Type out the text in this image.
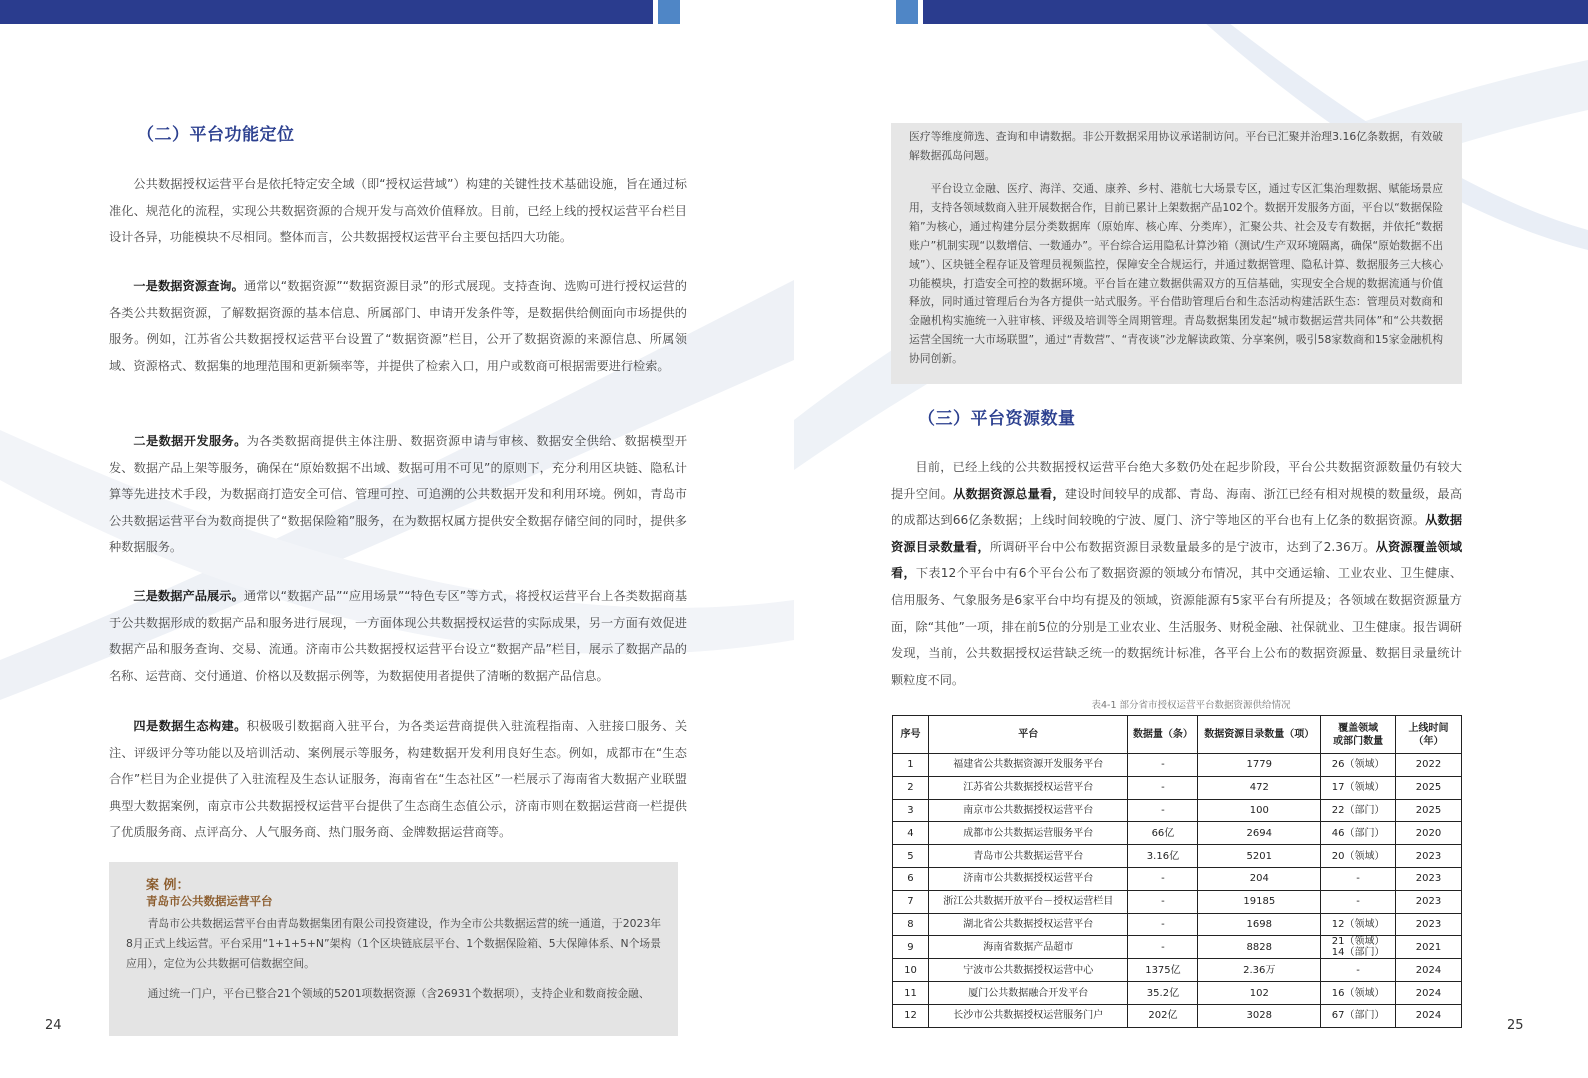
（二）平台功能定位

公共数据授权运营平台是依托特定安全域（即“授权运营域”）构建的关键性技术基础设施，旨在通过标准化、规范化的流程，实现公共数据资源的合规开发与高效价值释放。目前，已经上线的授权运营平台栏目设计各异，功能模块不尽相同。整体而言，公共数据授权运营平台主要包括四大功能。

一是数据资源查询。通常以“数据资源”“数据资源目录”的形式展现。支持查询、选购可进行授权运营的各类公共数据资源，了解数据资源的基本信息、所属部门、申请开发条件等，是数据供给侧面向市场提供的服务。例如，江苏省公共数据授权运营平台设置了“数据资源”栏目，公开了数据资源的来源信息、所属领域、资源格式、数据集的地理范围和更新频率等，并提供了检索入口，用户或数商可根据需要进行检索。

二是数据开发服务。为各类数据商提供主体注册、数据资源申请与审核、数据安全供给、数据模型开发、数据产品上架等服务，确保在“原始数据不出域、数据可用不可见”的原则下，充分利用区块链、隐私计算等先进技术手段，为数据商打造安全可信、管理可控、可追溯的公共数据开发和利用环境。例如，青岛市公共数据运营平台为数商提供了“数据保险箱”服务，在为数据权属方提供安全数据存储空间的同时，提供多种数据服务。

三是数据产品展示。通常以“数据产品”“应用场景”“特色专区”等方式，将授权运营平台上各类数据商基于公共数据形成的数据产品和服务进行展现，一方面体现公共数据授权运营的实际成果，另一方面有效促进数据产品和服务查询、交易、流通。济南市公共数据授权运营平台设立“数据产品”栏目，展示了数据产品的名称、运营商、交付通道、价格以及数据示例等，为数据使用者提供了清晰的数据产品信息。

四是数据生态构建。积极吸引数据商入驻平台，为各类运营商提供入驻流程指南、入驻接口服务、关注、评级评分等功能以及培训活动、案例展示等服务，构建数据开发利用良好生态。例如，成都市在“生态合作”栏目为企业提供了入驻流程及生态认证服务，海南省在“生态社区”一栏展示了海南省大数据产业联盟典型大数据案例，南京市公共数据授权运营平台提供了生态商生态值公示，济南市则在数据运营商一栏提供了优质服务商、点评高分、人气服务商、热门服务商、金牌数据运营商等。

案 例：
青岛市公共数据运营平台

青岛市公共数据运营平台由青岛数据集团有限公司投资建设，作为全市公共数据运营的统一通道，于2023年8月正式上线运营。平台采用“1+1+5+N”架构（1个区块链底层平台、1个数据保险箱、5大保障体系、N个场景应用），定位为公共数据可信数据空间。

通过统一门户，平台已整合21个领域的5201项数据资源（含26931个数据项），支持企业和数商按金融、

24

医疗等维度筛选、查询和申请数据。非公开数据采用协议承诺制访问。平台已汇聚并治理3.16亿条数据，有效破解数据孤岛问题。

平台设立金融、医疗、海洋、交通、康养、乡村、港航七大场景专区，通过专区汇集治理数据、赋能场景应用，支持各领域数商入驻开展数据合作，目前已累计上架数据产品102个。数据开发服务方面，平台以“数据保险箱”为核心，通过构建分层分类数据库（原始库、核心库、分类库），汇聚公共、社会及专有数据，并依托“数据账户”机制实现“以数增信、一数通办”。平台综合运用隐私计算沙箱（测试/生产双环境隔离，确保“原始数据不出域”）、区块链全程存证及管理员视频监控，保障安全合规运行，并通过数据管理、隐私计算、数据服务三大核心功能模块，打造安全可控的数据环境。平台旨在建立数据供需双方的互信基础，实现安全合规的数据流通与价值释放，同时通过管理后台为各方提供一站式服务。平台借助管理后台和生态活动构建活跃生态：管理员对数商和金融机构实施统一入驻审核、评级及培训等全周期管理。青岛数据集团发起“城市数据运营共同体”和“公共数据运营全国统一大市场联盟”，通过“青数营”、“青夜谈”沙龙解读政策、分享案例，吸引58家数商和15家金融机构协同创新。

（三）平台资源数量

目前，已经上线的公共数据授权运营平台绝大多数仍处在起步阶段，平台公共数据资源数量仍有较大提升空间。从数据资源总量看，建设时间较早的成都、青岛、海南、浙江已经有相对规模的数量级，最高的成都达到66亿条数据；上线时间较晚的宁波、厦门、济宁等地区的平台也有上亿条的数据资源。从数据资源目录数量看，所调研平台中公布数据资源目录数量最多的是宁波市，达到了2.36万。从资源覆盖领域看，下表12个平台中有6个平台公布了数据资源的领域分布情况，其中交通运输、工业农业、卫生健康、信用服务、气象服务是6家平台中均有提及的领域，资源能源有5家平台有所提及；各领域在数据资源量方面，除“其他”一项，排在前5位的分别是工业农业、生活服务、财税金融、社保就业、卫生健康。报告调研发现，当前，公共数据授权运营缺乏统一的数据统计标准，各平台上公布的数据资源量、数据目录量统计颗粒度不同。

表4-1 部分省市授权运营平台数据资源供给情况
序号	平台	数据量（条）	数据资源目录数量（项）	覆盖领域
或部门数量	上线时间
（年）
1	福建省公共数据资源开发服务平台	-	1779	26（领域）	2022
2	江苏省公共数据授权运营平台	-	472	17（领域）	2025
3	南京市公共数据授权运营平台	-	100	22（部门）	2025
4	成都市公共数据运营服务平台	66亿	2694	46（部门）	2020
5	青岛市公共数据运营平台	3.16亿	5201	20（领域）	2023
6	济南市公共数据授权运营平台	-	204	-	2023
7	浙江公共数据开放平台－授权运营栏目	-	19185	-	2023
8	湖北省公共数据授权运营平台	-	1698	12（领域）	2023
9	海南省数据产品超市	-	8828	21（领域）
14（部门）	2021
10	宁波市公共数据授权运营中心	1375亿	2.36万	-	2024
11	厦门公共数据融合开发平台	35.2亿	102	16（领域）	2024
12	长沙市公共数据授权运营服务门户	202亿	3028	67（部门）	2024
25
